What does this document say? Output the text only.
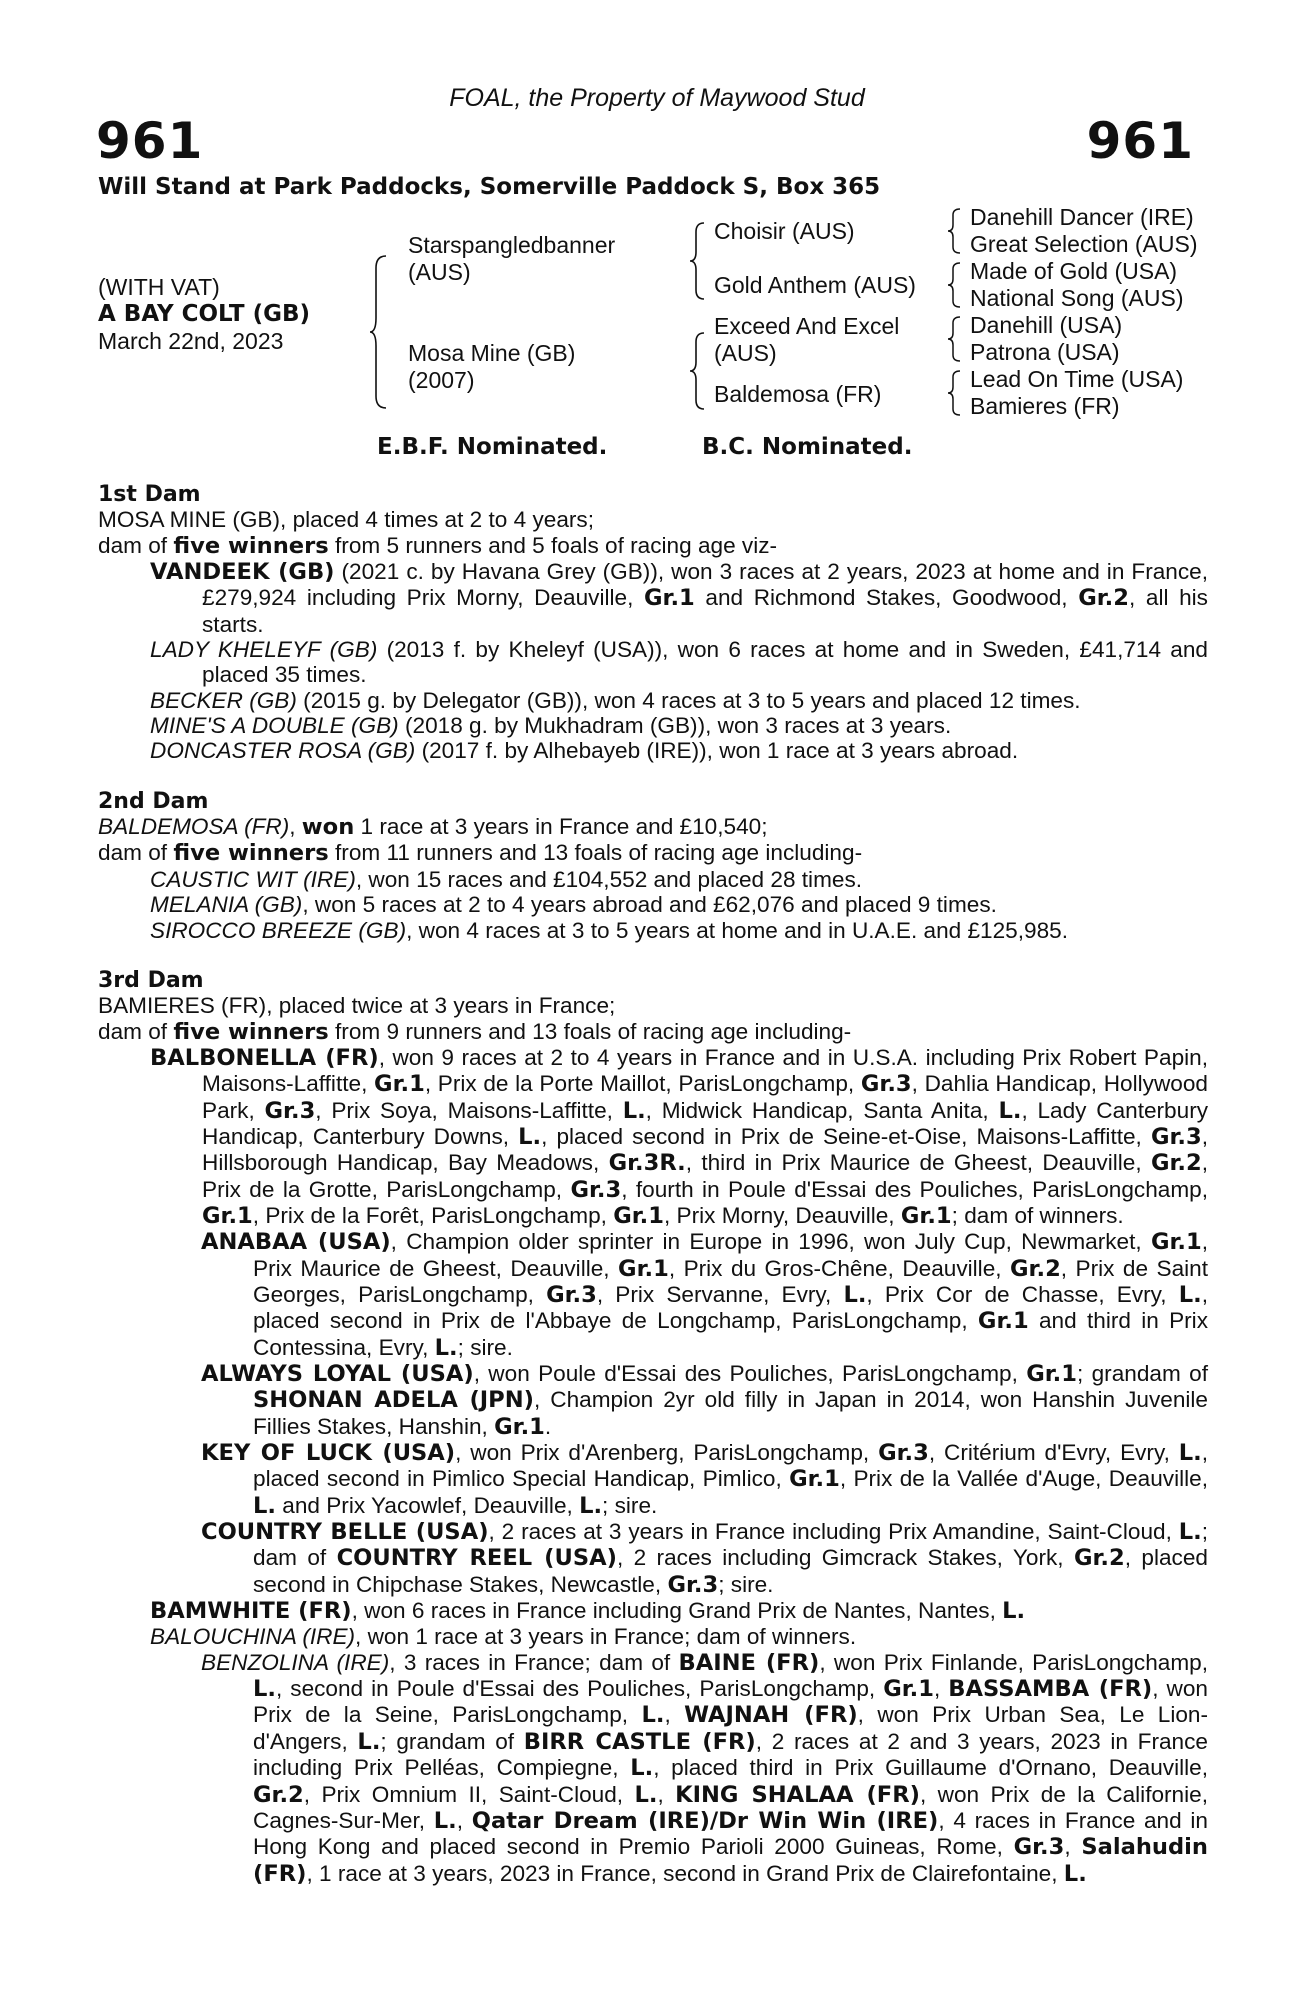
FOAL, the Property of Maywood Stud
961	961
Will Stand at Park Paddocks, Somerville Paddock S, Box 365
(WITH VAT)
A BAY COLT (GB)
March 22nd, 2023
Starspangledbanner
(AUS)
Mosa Mine (GB)
(2007)
Choisir (AUS)
Gold Anthem (AUS)
Exceed And Excel
(AUS)
Baldemosa (FR)
Danehill Dancer (IRE)
Great Selection (AUS)
Made of Gold (USA)
National Song (AUS)
Danehill (USA)
Patrona (USA)
Lead On Time (USA)
Bamieres (FR)
E.B.F. Nominated.	B.C. Nominated.
1st Dam
MOSA MINE (GB), placed 4 times at 2 to 4 years;
dam of five winners from 5 runners and 5 foals of racing age viz-
VANDEEK (GB) (2021 c. by Havana Grey (GB)), won 3 races at 2 years, 2023 at home and in France, £279,924 including Prix Morny, Deauville, Gr.1 and Richmond Stakes, Goodwood, Gr.2, all his starts.
LADY KHELEYF (GB) (2013 f. by Kheleyf (USA)), won 6 races at home and in Sweden, £41,714 and placed 35 times.
BECKER (GB) (2015 g. by Delegator (GB)), won 4 races at 3 to 5 years and placed 12 times.
MINE'S A DOUBLE (GB) (2018 g. by Mukhadram (GB)), won 3 races at 3 years.
DONCASTER ROSA (GB) (2017 f. by Alhebayeb (IRE)), won 1 race at 3 years abroad.
2nd Dam
BALDEMOSA (FR), won 1 race at 3 years in France and £10,540;
dam of five winners from 11 runners and 13 foals of racing age including-
CAUSTIC WIT (IRE), won 15 races and £104,552 and placed 28 times.
MELANIA (GB), won 5 races at 2 to 4 years abroad and £62,076 and placed 9 times.
SIROCCO BREEZE (GB), won 4 races at 3 to 5 years at home and in U.A.E. and £125,985.
3rd Dam
BAMIERES (FR), placed twice at 3 years in France;
dam of five winners from 9 runners and 13 foals of racing age including-
BALBONELLA (FR), won 9 races at 2 to 4 years in France and in U.S.A. including Prix Robert Papin, Maisons-Laffitte, Gr.1, Prix de la Porte Maillot, ParisLongchamp, Gr.3, Dahlia Handicap, Hollywood Park, Gr.3, Prix Soya, Maisons-Laffitte, L., Midwick Handicap, Santa Anita, L., Lady Canterbury Handicap, Canterbury Downs, L., placed second in Prix de Seine-et-Oise, Maisons-Laffitte, Gr.3, Hillsborough Handicap, Bay Meadows, Gr.3R., third in Prix Maurice de Gheest, Deauville, Gr.2, Prix de la Grotte, ParisLongchamp, Gr.3, fourth in Poule d'Essai des Pouliches, ParisLongchamp, Gr.1, Prix de la Forêt, ParisLongchamp, Gr.1, Prix Morny, Deauville, Gr.1; dam of winners.
ANABAA (USA), Champion older sprinter in Europe in 1996, won July Cup, Newmarket, Gr.1, Prix Maurice de Gheest, Deauville, Gr.1, Prix du Gros-Chêne, Deauville, Gr.2, Prix de Saint Georges, ParisLongchamp, Gr.3, Prix Servanne, Evry, L., Prix Cor de Chasse, Evry, L., placed second in Prix de l'Abbaye de Longchamp, ParisLongchamp, Gr.1 and third in Prix Contessina, Evry, L.; sire.
ALWAYS LOYAL (USA), won Poule d'Essai des Pouliches, ParisLongchamp, Gr.1; grandam of SHONAN ADELA (JPN), Champion 2yr old filly in Japan in 2014, won Hanshin Juvenile Fillies Stakes, Hanshin, Gr.1.
KEY OF LUCK (USA), won Prix d'Arenberg, ParisLongchamp, Gr.3, Critérium d'Evry, Evry, L., placed second in Pimlico Special Handicap, Pimlico, Gr.1, Prix de la Vallée d'Auge, Deauville, L. and Prix Yacowlef, Deauville, L.; sire.
COUNTRY BELLE (USA), 2 races at 3 years in France including Prix Amandine, Saint-Cloud, L.; dam of COUNTRY REEL (USA), 2 races including Gimcrack Stakes, York, Gr.2, placed second in Chipchase Stakes, Newcastle, Gr.3; sire.
BAMWHITE (FR), won 6 races in France including Grand Prix de Nantes, Nantes, L.
BALOUCHINA (IRE), won 1 race at 3 years in France; dam of winners.
BENZOLINA (IRE), 3 races in France; dam of BAINE (FR), won Prix Finlande, ParisLongchamp, L., second in Poule d'Essai des Pouliches, ParisLongchamp, Gr.1, BASSAMBA (FR), won Prix de la Seine, ParisLongchamp, L., WAJNAH (FR), won Prix Urban Sea, Le Lion-d'Angers, L.; grandam of BIRR CASTLE (FR), 2 races at 2 and 3 years, 2023 in France including Prix Pelléas, Compiegne, L., placed third in Prix Guillaume d'Ornano, Deauville, Gr.2, Prix Omnium II, Saint-Cloud, L., KING SHALAA (FR), won Prix de la Californie, Cagnes-Sur-Mer, L., Qatar Dream (IRE)/Dr Win Win (IRE), 4 races in France and in Hong Kong and placed second in Premio Parioli 2000 Guineas, Rome, Gr.3, Salahudin (FR), 1 race at 3 years, 2023 in France, second in Grand Prix de Clairefontaine, L.
